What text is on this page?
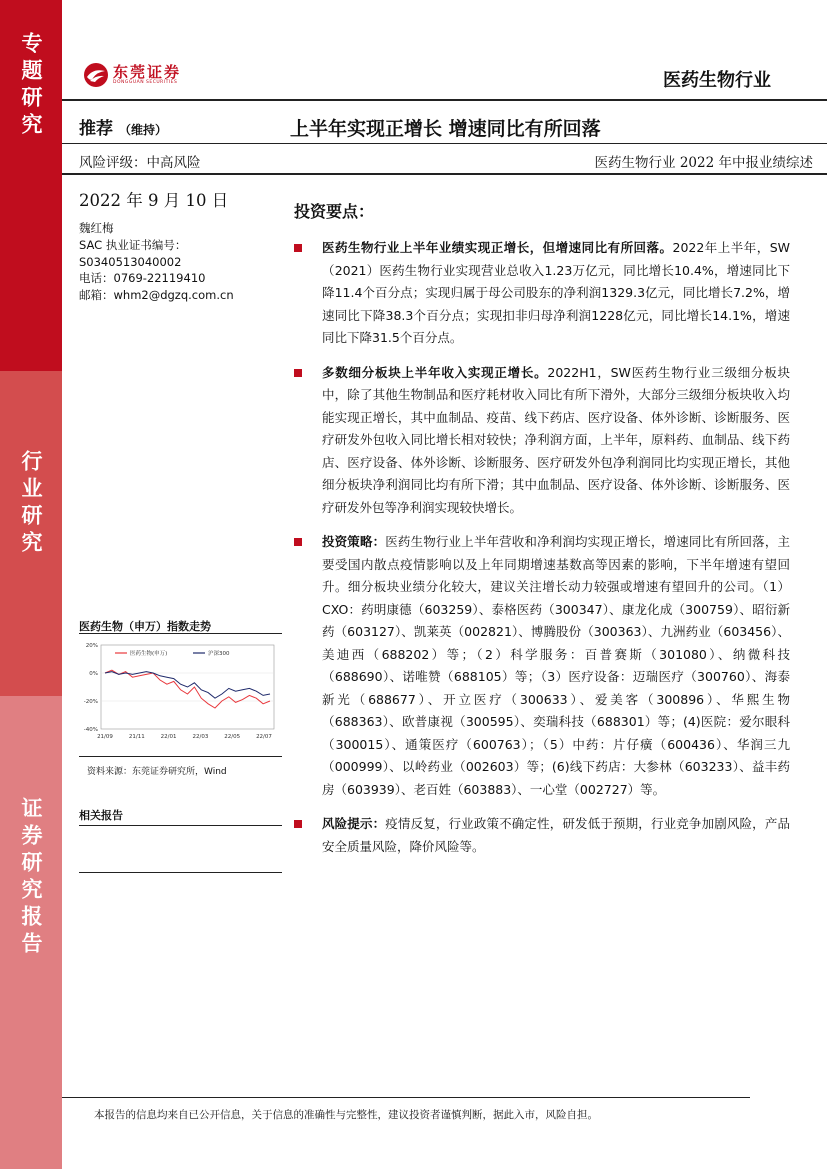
专题研究
行业研究
证券研究报告
东莞证券
DONGGUAN SECURITIES	医药生物行业
推荐 （维持）	上半年实现正增长 增速同比有所回落
风险评级：中高风险	医药生物行业 2022 年中报业绩综述
2022 年 9 月 10 日
魏红梅
SAC 执业证书编号：
S0340513040002
电话：0769-22119410
邮箱：whm2@dgzq.com.cn
医药生物（申万）指数走势
20%
0%
-20%
-40%
21/09	21/11	22/01	22/03	22/05	22/07
医药生物(申万)	沪深300
资料来源：东莞证券研究所，Wind
相关报告
投资要点：
医药生物行业上半年业绩实现正增长，但增速同比有所回落。2022年上半年，SW（2021）医药生物行业实现营业总收入1.23万亿元，同比增长10.4%，增速同比下降11.4个百分点；实现归属于母公司股东的净利润1329.3亿元，同比增长7.2%，增速同比下降38.3个百分点；实现扣非归母净利润1228亿元，同比增长14.1%，增速同比下降31.5个百分点。
多数细分板块上半年收入实现正增长。2022H1，SW医药生物行业三级细分板块中，除了其他生物制品和医疗耗材收入同比有所下滑外，大部分三级细分板块收入均能实现正增长，其中血制品、疫苗、线下药店、医疗设备、体外诊断、诊断服务、医疗研发外包收入同比增长相对较快；净利润方面，上半年，原料药、血制品、线下药店、医疗设备、体外诊断、诊断服务、医疗研发外包净利润同比均实现正增长，其他细分板块净利润同比均有所下滑；其中血制品、医疗设备、体外诊断、诊断服务、医疗研发外包等净利润实现较快增长。
投资策略：医药生物行业上半年营收和净利润均实现正增长，增速同比有所回落，主要受国内散点疫情影响以及上年同期增速基数高等因素的影响，下半年增速有望回升。细分板块业绩分化较大，建议关注增长动力较强或增速有望回升的公司。（1）CXO：药明康德（603259）、泰格医药（300347）、康龙化成（300759）、昭衍新药（603127）、凯莱英（002821）、博腾股份（300363）、九洲药业（603456）、美迪西（688202）等；（2）科学服务：百普赛斯（301080）、纳微科技（688690）、诺唯赞（688105）等；（3）医疗设备：迈瑞医疗（300760）、海泰新光（688677）、开立医疗（300633）、爱美客（300896）、华熙生物（688363）、欧普康视（300595）、奕瑞科技（688301）等；(4)医院：爱尔眼科（300015）、通策医疗（600763）；（5）中药：片仔癀（600436）、华润三九（000999）、以岭药业（002603）等；(6)线下药店：大参林（603233）、益丰药房（603939）、老百姓（603883）、一心堂（002727）等。
风险提示：疫情反复，行业政策不确定性，研发低于预期，行业竞争加剧风险，产品安全质量风险，降价风险等。
本报告的信息均来自已公开信息，关于信息的准确性与完整性，建议投资者谨慎判断，据此入市，风险自担。
